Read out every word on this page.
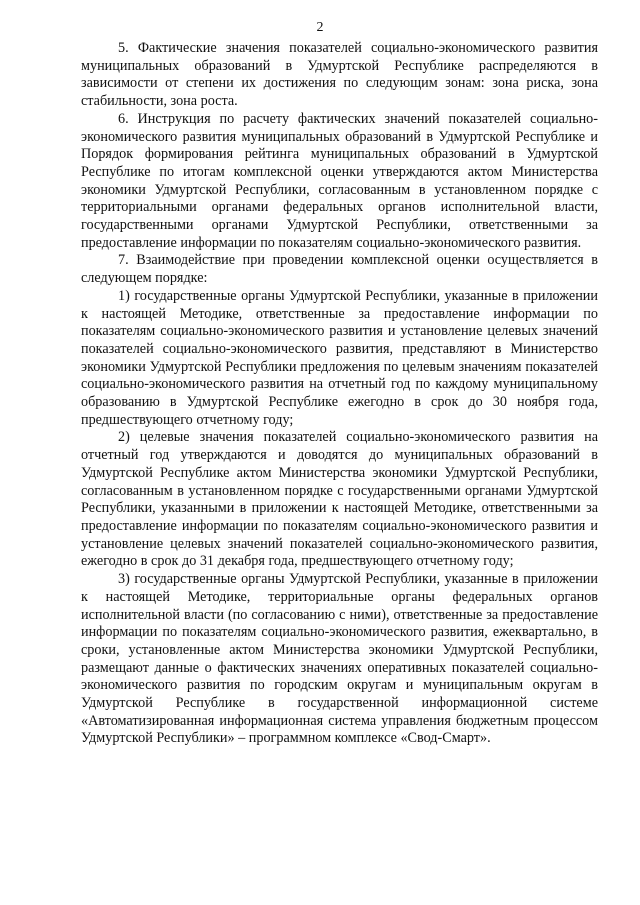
2

5. Фактические значения показателей социально-экономического развития муниципальных образований в Удмуртской Республике распределяются в зависимости от степени их достижения по следующим зонам: зона риска, зона стабильности, зона роста.

6. Инструкция по расчету фактических значений показателей социально-экономического развития муниципальных образований в Удмуртской Республике и Порядок формирования рейтинга муниципальных образований в Удмуртской Республике по итогам комплексной оценки утверждаются актом Министерства экономики Удмуртской Республики, согласованным в установленном порядке с территориальными органами федеральных органов исполнительной власти, государственными органами Удмуртской Республики, ответственными за предоставление информации по показателям социально-экономического развития.

7. Взаимодействие при проведении комплексной оценки осуществляется в следующем порядке:

1) государственные органы Удмуртской Республики, указанные в приложении к настоящей Методике, ответственные за предоставление информации по показателям социально-экономического развития и установление целевых значений показателей социально-экономического развития, представляют в Министерство экономики Удмуртской Республики предложения по целевым значениям показателей социально-экономического развития на отчетный год по каждому муниципальному образованию в Удмуртской Республике ежегодно в срок до 30 ноября года, предшествующего отчетному году;

2) целевые значения показателей социально-экономического развития на отчетный год утверждаются и доводятся до муниципальных образований в Удмуртской Республике актом Министерства экономики Удмуртской Республики, согласованным в установленном порядке с государственными органами Удмуртской Республики, указанными в приложении к настоящей Методике, ответственными за предоставление информации по показателям социально-экономического развития и установление целевых значений показателей социально-экономического развития, ежегодно в срок до 31 декабря года, предшествующего отчетному году;

3) государственные органы Удмуртской Республики, указанные в приложении к настоящей Методике, территориальные органы федеральных органов исполнительной власти (по согласованию с ними), ответственные за предоставление информации по показателям социально-экономического развития, ежеквартально, в сроки, установленные актом Министерства экономики Удмуртской Республики, размещают данные о фактических значениях оперативных показателей социально-экономического развития по городским округам и муниципальным округам в Удмуртской Республике в государственной информационной системе «Автоматизированная информационная система управления бюджетным процессом Удмуртской Республики» – программном комплексе «Свод-Смарт».
